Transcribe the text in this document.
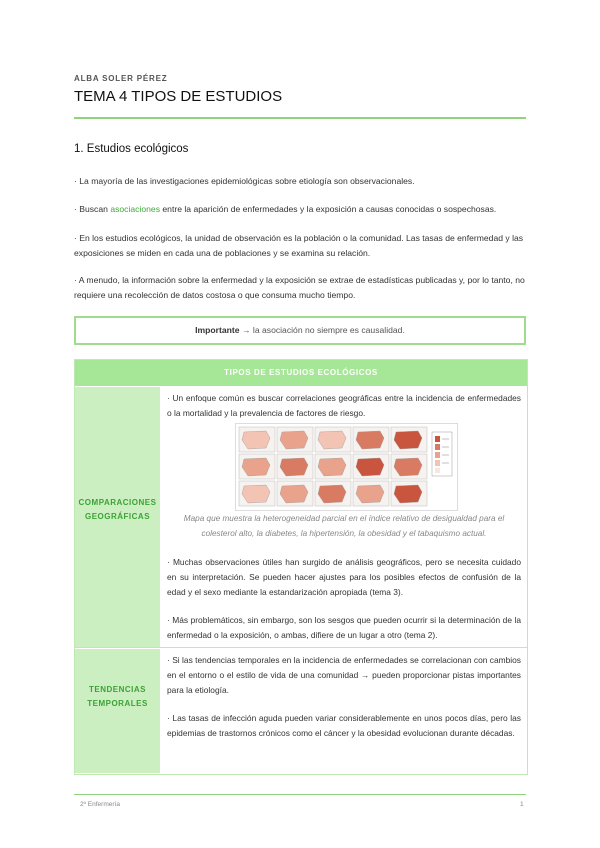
ALBA SOLER PÉREZ
TEMA 4 TIPOS DE ESTUDIOS
1. Estudios ecológicos

· La mayoría de las investigaciones epidemiológicas sobre etiología son observacionales.

· Buscan asociaciones entre la aparición de enfermedades y la exposición a causas conocidas o sospechosas.

· En los estudios ecológicos, la unidad de observación es la población o la comunidad. Las tasas de enfermedad y las exposiciones se miden en cada una de poblaciones y se examina su relación.

· A menudo, la información sobre la enfermedad y la exposición se extrae de estadísticas publicadas y, por lo tanto, no requiere una recolección de datos costosa o que consuma mucho tiempo.

Importante → la asociación no siempre es causalidad.
TIPOS DE ESTUDIOS ECOLÓGICOS
COMPARACIONES
GEOGRÁFICAS

· Un enfoque común es buscar correlaciones geográficas entre la incidencia de enfermedades o la mortalidad y la prevalencia de factores de riesgo.

Mapa que muestra la heterogeneidad parcial en el índice relativo de desigualdad para el colesterol alto, la diabetes, la hipertensión, la obesidad y el tabaquismo actual.

· Muchas observaciones útiles han surgido de análisis geográficos, pero se necesita cuidado en su interpretación. Se pueden hacer ajustes para los posibles efectos de confusión de la edad y el sexo mediante la estandarización apropiada (tema 3).

· Más problemáticos, sin embargo, son los sesgos que pueden ocurrir si la determinación de la enfermedad o la exposición, o ambas, difiere de un lugar a otro (tema 2).

TENDENCIAS
TEMPORALES

· Si las tendencias temporales en la incidencia de enfermedades se correlacionan con cambios en el entorno o el estilo de vida de una comunidad → pueden proporcionar pistas importantes para la etiología.

· Las tasas de infección aguda pueden variar considerablemente en unos pocos días, pero las epidemias de trastornos crónicos como el cáncer y la obesidad evolucionan durante décadas.

2º Enfermería	1
